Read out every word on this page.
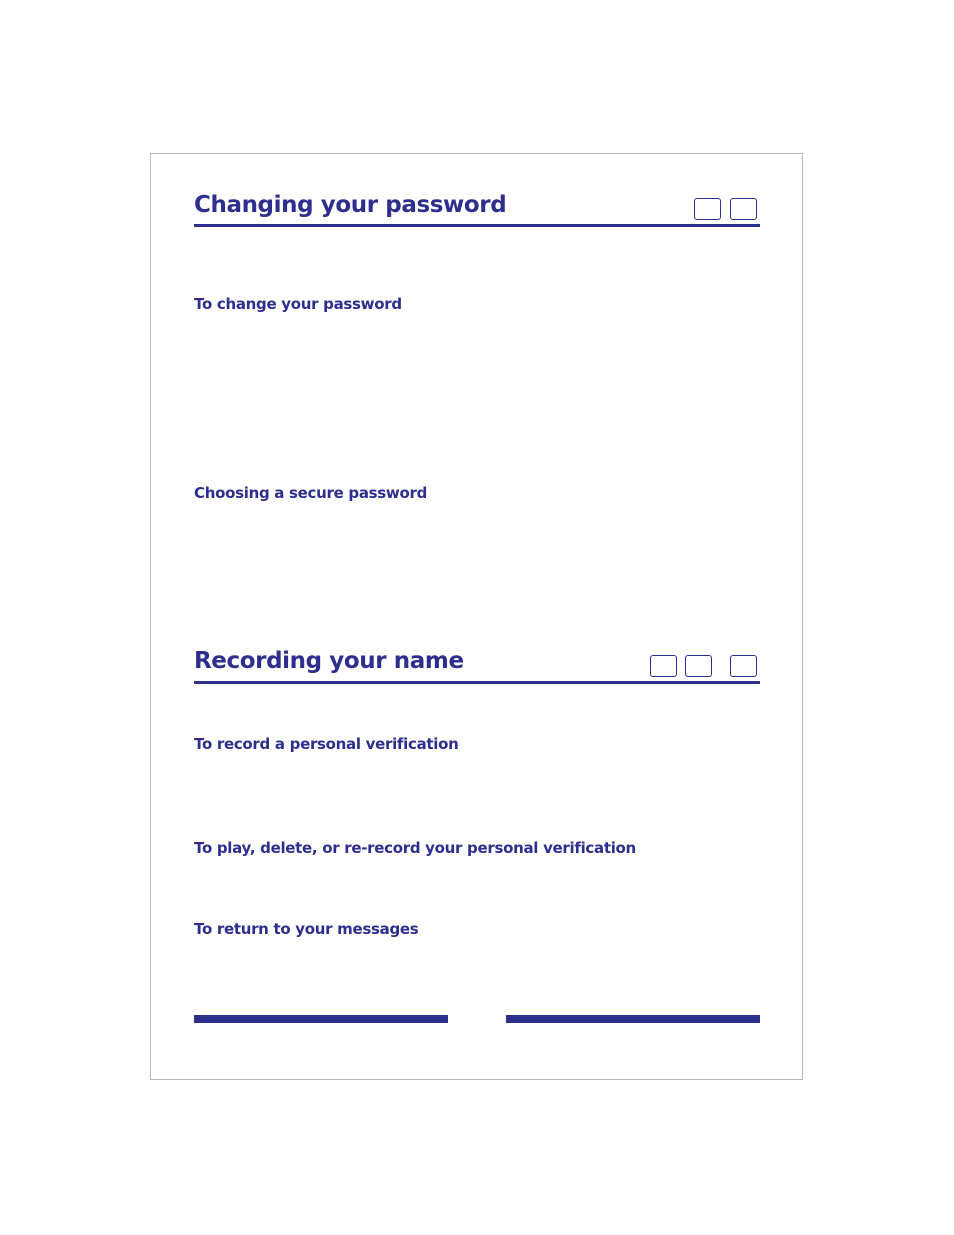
Changing your password
To change your password
Choosing a secure password
Recording your name
To record a personal verification
To play, delete, or re-record your personal verification
To return to your messages
